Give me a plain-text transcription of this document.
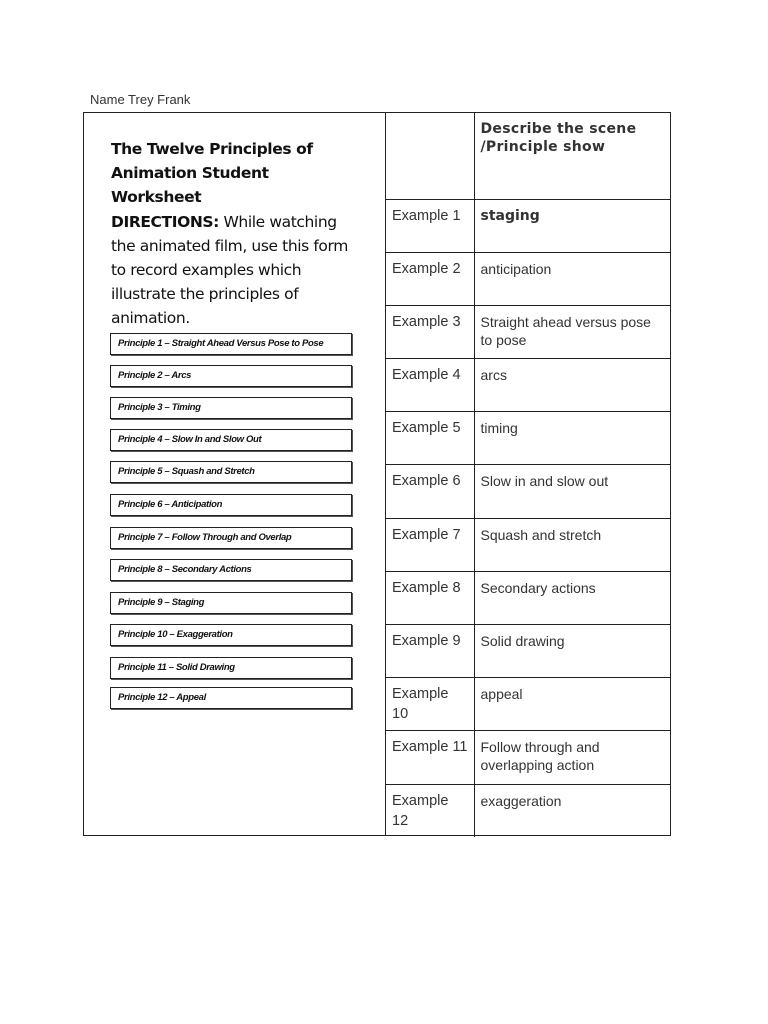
Name Trey Frank
The Twelve Principles of
Animation Student Worksheet
DIRECTIONS: While watching the animated film, use this form to record examples which illustrate the principles of animation.
Principle 1 – Straight Ahead Versus Pose to Pose
Principle 2 – Arcs
Principle 3 – Timing
Principle 4 – Slow In and Slow Out
Principle 5 – Squash and Stretch
Principle 6 – Anticipation
Principle 7 – Follow Through and Overlap
Principle 8 – Secondary Actions
Principle 9 – Staging
Principle 10 – Exaggeration
Principle 11 – Solid Drawing
Principle 12 – Appeal
	Describe the scene /Principle show
Example 1	staging
Example 2	anticipation
Example 3	Straight ahead versus pose to pose
Example 4	arcs
Example 5	timing
Example 6	Slow in and slow out
Example 7	Squash and stretch
Example 8	Secondary actions
Example 9	Solid drawing
Example 10	appeal
Example 11	Follow through and overlapping action
Example 12	exaggeration
